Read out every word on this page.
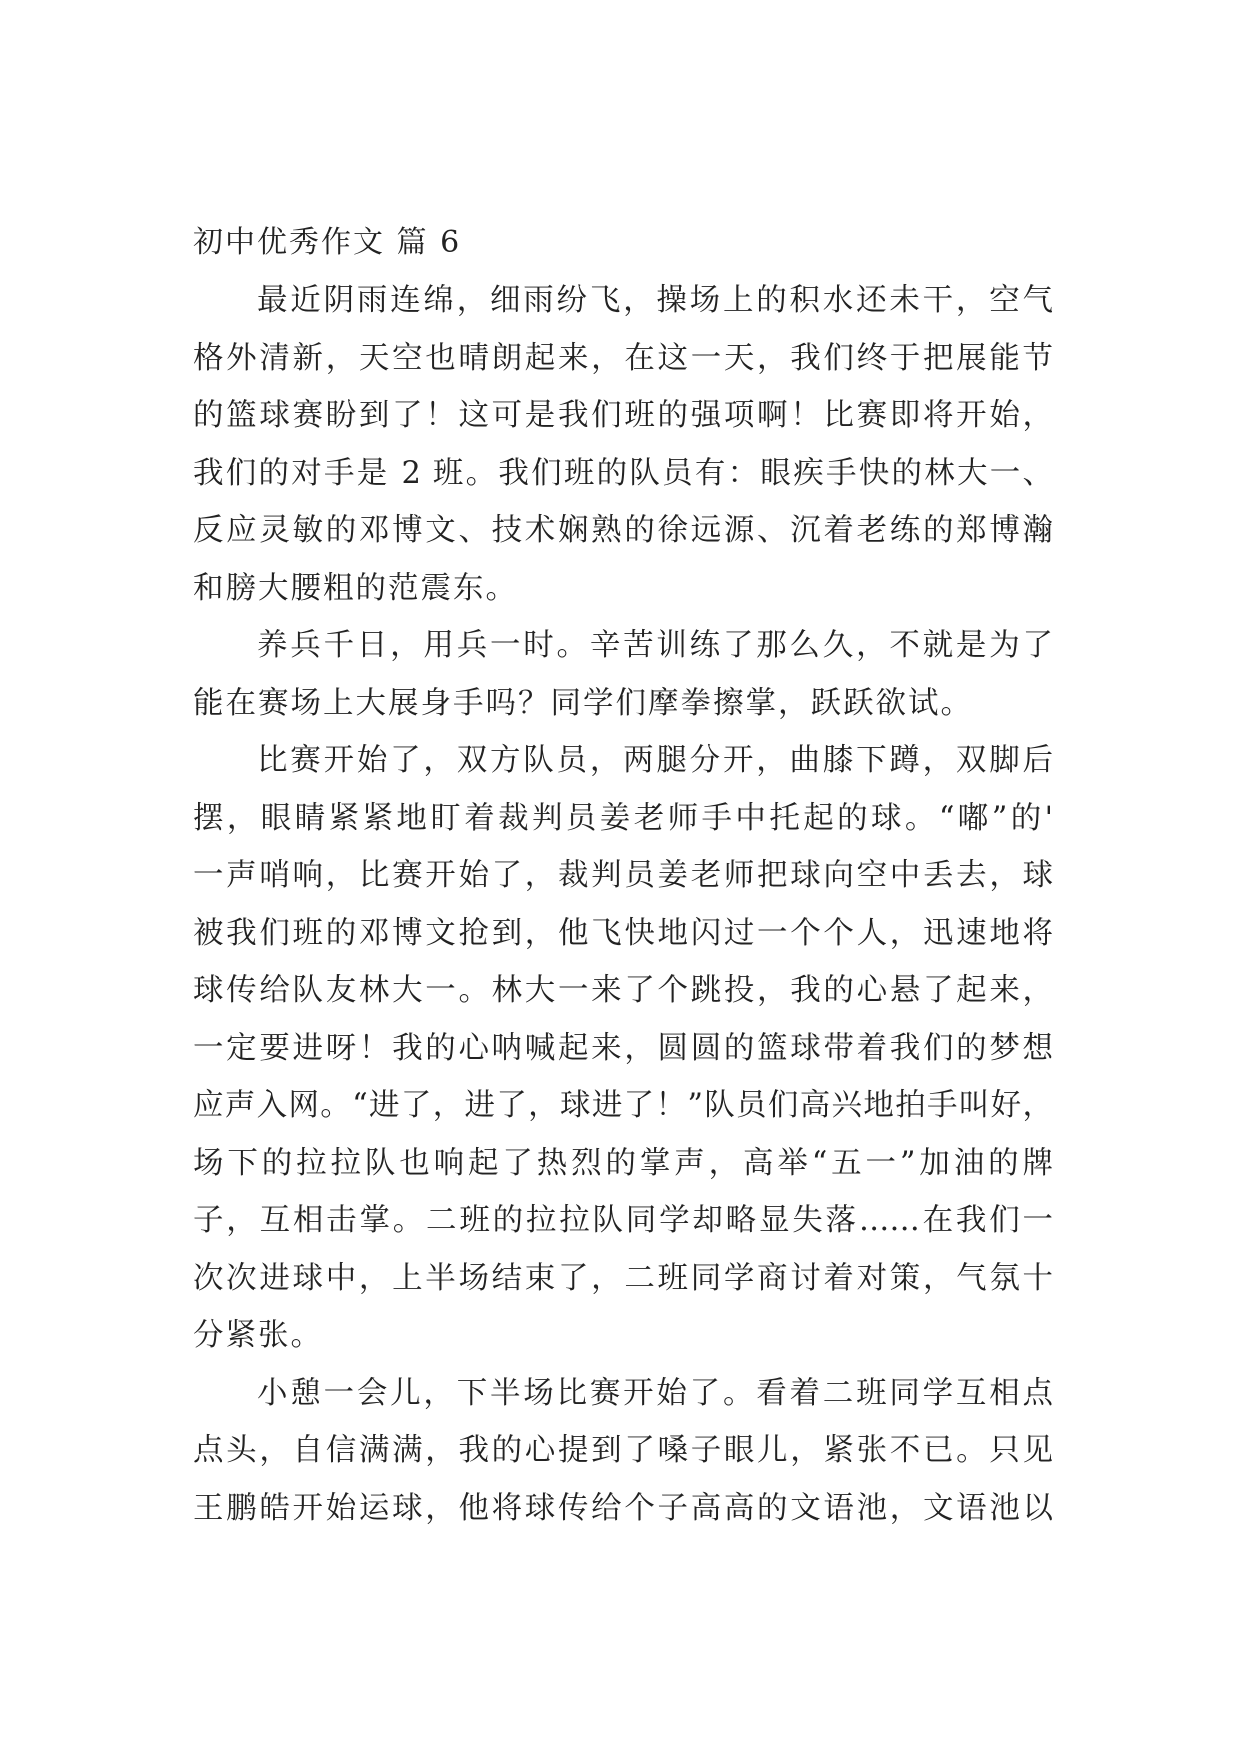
初中优秀作文 篇 6
最近阴雨连绵，细雨纷飞，操场上的积水还未干，空气
格外清新，天空也晴朗起来，在这一天，我们终于把展能节
的篮球赛盼到了！这可是我们班的强项啊！比赛即将开始，
我们的对手是 2 班。我们班的队员有：眼疾手快的林大一、
反应灵敏的邓博文、技术娴熟的徐远源、沉着老练的郑博瀚
和膀大腰粗的范震东。
养兵千日，用兵一时。辛苦训练了那么久，不就是为了
能在赛场上大展身手吗？同学们摩拳擦掌，跃跃欲试。
比赛开始了，双方队员，两腿分开，曲膝下蹲，双脚后
摆，眼睛紧紧地盯着裁判员姜老师手中托起的球。“嘟”的'
一声哨响，比赛开始了，裁判员姜老师把球向空中丢去，球
被我们班的邓博文抢到，他飞快地闪过一个个人，迅速地将
球传给队友林大一。林大一来了个跳投，我的心悬了起来，
一定要进呀！我的心呐喊起来，圆圆的篮球带着我们的梦想
应声入网。“进了，进了，球进了！”队员们高兴地拍手叫好，
场下的拉拉队也响起了热烈的掌声，高举“五一”加油的牌
子，互相击掌。二班的拉拉队同学却略显失落……在我们一
次次进球中，上半场结束了，二班同学商讨着对策，气氛十
分紧张。
小憩一会儿，下半场比赛开始了。看着二班同学互相点
点头，自信满满，我的心提到了嗓子眼儿，紧张不已。只见
王鹏皓开始运球，他将球传给个子高高的文语池，文语池以
